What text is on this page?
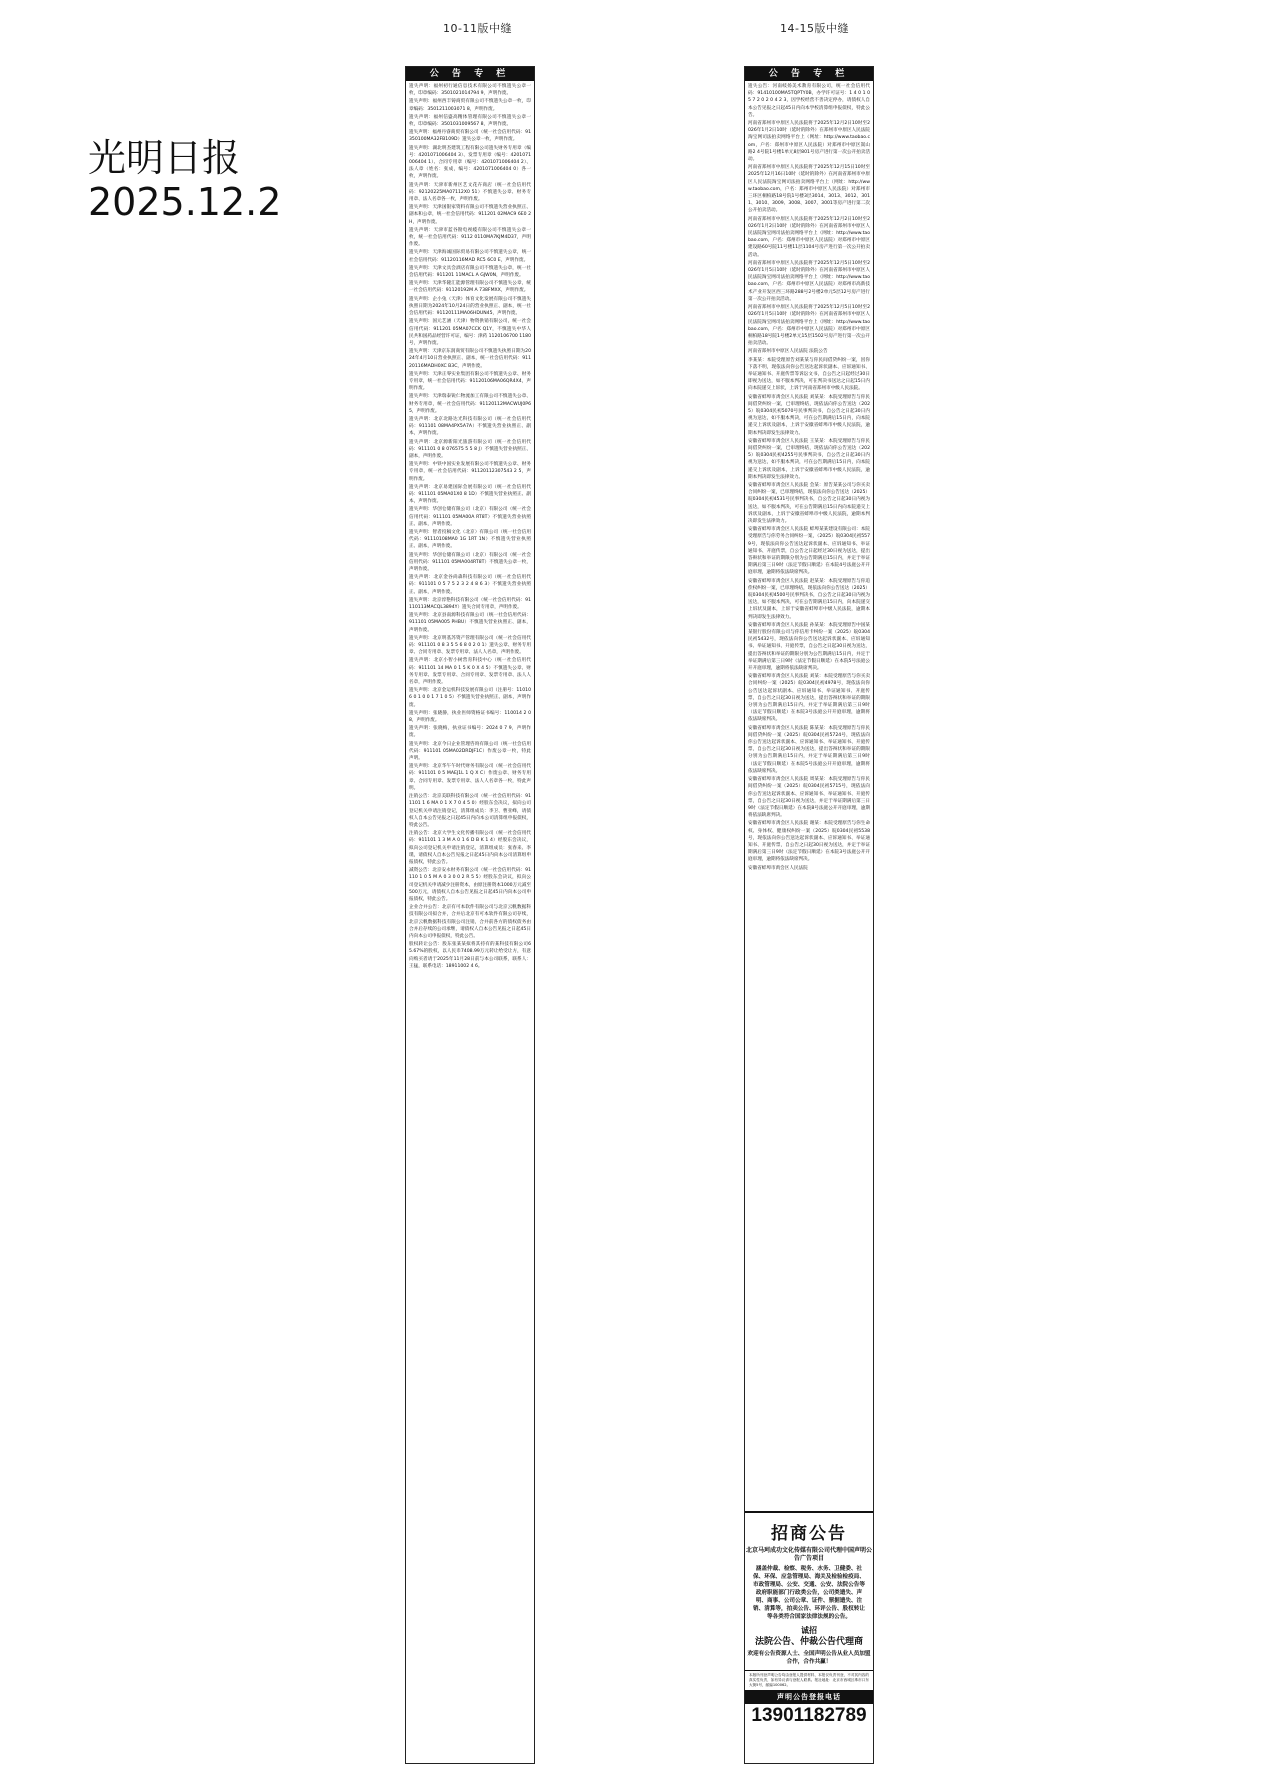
10-11版中缝	14-15版中缝
光明日报
2025.12.2
公 告 专 栏
遗失声明：福州初行通信息技术有限公司不慎遗失公章一枚，印章编码：3501021014794 9，声明作废。
遗失声明：福州西丰铸商贸有限公司不慎遗失公章一枚，印章编码：3501211003071 8，声明作废。
遗失声明：福州信盛高精体管理有限公司不慎遗失公章一枚，印章编码：3501031009567 8，声明作废。
遗失声明：福州丹睿商贸有限公司（统一社会信用代码：91350100MA32FB109D）遗失公章一枚，声明作废。
遗失声明：湖北明杰建筑工程有限公司遗失财务专用章（编号：4201071006404 3）、发票专用章（编号：4201071006404 1）、合同专用章（编号：4201071006404 2）、法人章（姓名：张成，编号：4201071006404 0）各一枚，声明作废。
遗失声明：天津市新州区艺文花卉商店（统一社会信用代码：92120225MA07112X0 51）不慎遗失公章、财务专用章、法人名章各一枚，声明作废。
遗失声明：天津国银家资料有限公司不慎遗失营业执照正、副本和公章，统一社会信用代码：911201 02MAC9 6E0 2 H，声明作废。
遗失声明：天津市蓝谷勘电视缆有限公司不慎遗失公章一枚，统一社会信用代码：9112 0110MA7KJM4D37，声明作废。
遗失声明：天津海诚国际贸易有限公司不慎遗失公章，统一社会信用代码：91120116MAD RC5 6C0 E，声明作废。
遗失声明：天津文具会酒店有限公司不慎遗失公章，统一社会信用代码：911201 11MACL A GJW0N，声明作废。
遗失声明：天津华隆汇能源管理有限公司不慎遗失公章，统一社会信用代码：91120192M A 738FMXX，声明作废。
遗失声明：企小兔（天津）体育文化发展有限公司不慎遗失执照日期为2024年10月24日的营业执照正、副本，统一社会信用代码：91120111MA06HDUN45，声明作废。
遗失声明：国元艺涵（天津）物资供销有限公司，统一社会信用代码：911201 05MA07CCK Q1Y，不慎遗失中华人民共和国药品经营许可证，编号：津药 1120106700 1180 号，声明作废。
遗失声明：天津京东润商贸有限公司不慎遗失执照日期为2024年4月10日营业执照正、副本，统一社会信用代码：91120116MADH0XC B3C，声明作废。
遗失声明：天津正零实业集团有限公司不慎遗失公章、财务专用章，统一社会信用代码：91120106MA06QR4X4，声明作废。
遗失声明：天津瑞泰锐仁物流加工有限公司不慎遗失公章、财务专用章，统一社会信用代码：91120112MACWUJ0P65，声明作废。
遗失声明：北京北路达光科技有限公司（统一社会信用代码：911101 08MA4PX5A7A）不慎遗失营业执照正、副本，声明作废。
遗失声明：北京源新阳光旅游有限公司（统一社会信用代码：911101 0 8 076575 5 5 8 J）不慎遗失营业执照正、副本，声明作废。
遗失声明：中铁中国实业发展有限公司不慎遗失公章、财务专用章，统一社会信用代码：91120112307543 2 5，声明作废。
遗失声明：北京易建国际会展有限公司（统一社会信用代码：911101 05MA01X0 8 1D）不慎遗失营业执照正、副本，声明作废。
遗失声明：华创仓储有限公司（北京）有限公司（统一社会信用代码：911101 05MA00A RT8T）不慎遗失营业执照正、副本，声明作废。
遗失声明：智者投稿文化（北京）有限公司（统一社会信用代码：91110108MA0 1G 1RT 1N）不慎遗失营业执照正、副本，声明作废。
遗失声明：华创仓储有限公司（北京）有限公司（统一社会信用代码：911101 05MA004RT8T）不慎遗失公章一枚，声明作废。
遗失声明：北京金谷尚森科技有限公司（统一社会信用代码：911101 0 5 7 5 2 3 2 4 8 6 3）不慎遗失营业执照正、副本，声明作废。
遗失声明：北京淳艳科技有限公司（统一社会信用代码：91110113MACQL3894Y）遗失合同专用章，声明作废。
遗失声明：北京县南源科技有限公司（统一社会信用代码：911101 05MA005 PHBU）不慎遗失营业执照正、副本，声明作废。
遗失声明：北京明基苏资产管理有限公司（统一社会信用代码：911101 0 8 3 5 5 6 8 0 2 0 1）遗失公章、财务专用章、合同专用章、发票专用章、法人人名章，声明作废。
遗失声明：北京小智小树营育科技中心（统一社会信用代码：911101 14 MA 0 1 5 K 0 X 4 5）不慎遗失公章、财务专用章、发票专用章、合同专用章、发票专用章、法人人名章，声明作废。
遗失声明：北京金运机科技发展有限公司（注册号：110106 0 1 0 0 1 7 1 0 5）不慎遗失营业执照正、副本，声明作废。
遗失声明：张晓静，执业医师资格证书编号：110014 2 0 8，声明作废。
遗失声明：张晓梅，执业证书编号：2024 0 7 9，声明作废。
遗失声明：北京今日企业管理咨询有限公司（统一社会信用代码：911101 05MA02DRDJF1C）作废公章一枚，特此声明。
遗失声明：北京华午午时代财务有限公司（统一社会信用代码：911101 0 5 MAEJ1L 1 Q X C）作废公章、财务专用章、合同专用章、发票专用章、法人人名章各一枚，特此声明。
注销公告：北京美联科技有限公司（统一社会信用代码：911101 1 6 MA 0 1 X 7 0 4 5 0）经股东会决议，拟向公司登记机关申请注销登记，清算组成员：李卫、曹亚峰，请债权人自本公告见报之日起45日内向本公司清算组申报债权，特此公告。
注销公告：北京大学生文化传播有限公司（统一社会信用代码：911101 1 3 M A 0 1 6 D B K 1 4）经股东会决议，拟向公司登记机关申请注销登记，清算组成员：张春来、李璞，请债权人自本公告见报之日起45日内向本公司清算组申报债权，特此公告。
减资公告：北京安永财务有限公司（统一社会信用代码：91110 1 0 5 M A 0 3 0 0 2 R 5 5）经股东会决议，拟向公司登记机关申请减少注册资本，由原注册资本1000万元减至500万元，请债权人自本公告见报之日起45日内向本公司申报债权，特此公告。
企业合并公告：北京有可本软件有限公司与北京云帆数据科技有限公司拟合并，合并后北京有可本软件有限公司存续，北京云帆数据科技有限公司注销，合并前各方的债权债务由合并后存续的公司承继，请债权人自本公告见报之日起45日内向本公司申报债权，特此公告。
股权转让公告：股东张某某拟将其持有的某科技有限公司65.67%的股权，以人民币7408.99万元转让给受让方，有意向购买者请于2025年11月28日前与本公司联系，联系人：王猛，联系电话：18911002 4 6。
公 告 专 栏
遗失公告：河南岐扬美术教育有限公司，统一社会信用代码：91410100MA5TQPTY0B，办学许可证号：1 4 0 1 0 5 7 2 0 2 0 4 2 3，因学校经营不善决定停办，请债权人自本公告见报之日起45日内向本学校清算组申报债权，特此公告。
河南省郑州市中原区人民法院将于2025年12月2日10时至2026年1月2日10时（延时的除外）在郑州市中原区人民法院淘宝网司法拍卖网络平台上（网址：http://www.taobao.com，户名：郑州市中原区人民法院）对郑州市中原区嵩山路2 4号院1号楼1单元8层801号房产进行第一次公开拍卖活动。
河南省郑州市中原区人民法院将于2025年12月15日10时至2025年12月16日10时（延时的除外）在河南省郑州市中原区人民法院淘宝网司法拍卖网络平台上（网址：http://www.taobao.com，户名：郑州市中原区人民法院）对郑州市三环区桐柏路18号院1号楼3层3014、3013、3012、3011、3010、3009、3008、3007、3001等房产进行第二次公开拍卖活动。
河南省郑州市中原区人民法院将于2025年12月2日10时至2026年1月2日10时（延时的除外）在河南省郑州市中原区人民法院淘宝网司法拍卖网络平台上（网址：http://www.taobao.com，户名：郑州市中原区人民法院）对郑州市中原区建设路60号院11号楼11层1104号房产进行第一次公开拍卖活动。
河南省郑州市中原区人民法院将于2025年12月5日10时至2026年1月5日10时（延时的除外）在河南省郑州市中原区人民法院淘宝网司法拍卖网络平台上（网址：http://www.taobao.com，户名：郑州市中原区人民法院）对郑州市高新技术产业开发区西三环路288号2号楼2单元5层12号房产进行第一次公开拍卖活动。
河南省郑州市中原区人民法院将于2025年12月5日10时至2026年1月5日10时（延时的除外）在河南省郑州市中原区人民法院淘宝网司法拍卖网络平台上（网址：http://www.taobao.com，户名：郑州市中原区人民法院）对郑州市中原区桐柏路18号院1号楼2单元15层1502号房产进行第一次公开拍卖活动。
河南省郑州市中原区人民法院 法院公告
李某某：本院受理原告刘某某与你民间借贷纠纷一案，因你下落不明，现依法向你公告送达起诉状副本、应诉通知书、举证通知书、开庭传票等诉讼文书，自公告之日起经过30日即视为送达，如不服本判决，可在判决书送达之日起15日内向本院递交上诉状，上诉于河南省郑州市中级人民法院。
安徽省蚌埠市禹会区人民法院 刘某某：本院受理原告与你民间借贷纠纷一案，已审理终结，现依法向你公告送达（2025）皖0304民初5070号民事判决书，自公告之日起30日内视为送达，如不服本判决，可在公告期满后15日内，向本院递交上诉状及副本，上诉于安徽省蚌埠市中级人民法院，逾期本判决即发生法律效力。
安徽省蚌埠市禹会区人民法院 王某某：本院受理原告与你民间借贷纠纷一案，已审理终结，现依法向你公告送达（2025）皖0304民初4255号民事判决书，自公告之日起30日内视为送达，如不服本判决，可在公告期满后15日内，向本院递交上诉状及副本，上诉于安徽省蚌埠市中级人民法院，逾期本判决即发生法律效力。
安徽省蚌埠市禹会区人民法院 会某：原告某某公司与你买卖合同纠纷一案，已审理终结，现依法向你公告送达（2025）皖0304民初4531号民事判决书，自公告之日起30日内视为送达，如不服本判决，可在公告期满后15日内向本院递交上诉状及副本，上诉于安徽省蚌埠市中级人民法院，逾期本判决即发生法律效力。
安徽省蚌埠市禹会区人民法院 蚌埠某某建设有限公司：本院受理原告与你劳务合同纠纷一案，（2025）皖0304民初5579号，现依法向你公告送达起诉状副本、应诉通知书、举证通知书、开庭传票，自公告之日起经过30日视为送达，提出答辩状和举证的期限分别为公告期满后15日内，并定于举证期满后第三日9时（法定节假日顺延）在本院4号法庭公开开庭审理，逾期将依法缺席判决。
安徽省蚌埠市禹会区人民法院 赵某某：本院受理原告与你追偿权纠纷一案，已审理终结，现依法向你公告送达（2025）皖0304民初4500号民事判决书，自公告之日起30日内视为送达，如不服本判决，可在公告期满后15日内，向本院递交上诉状及副本，上诉于安徽省蚌埠市中级人民法院，逾期本判决即发生法律效力。
安徽省蚌埠市禹会区人民法院 孙某某：本院受理原告中国某某银行股份有限公司与你信用卡纠纷一案（2025）皖0304民初5432号，现依法向你公告送达起诉状副本、应诉通知书、举证通知书、开庭传票，自公告之日起30日视为送达，提出答辩状和举证的期限分别为公告期满后15日内，并定于举证期满后第三日9时（法定节假日顺延）在本院5号法庭公开开庭审理，逾期将依法缺席判决。
安徽省蚌埠市禹会区人民法院 刘某：本院受理原告与你买卖合同纠纷一案（2025）皖0304民初4978号，现依法向你公告送达起诉状副本、应诉通知书、举证通知书、开庭传票，自公告之日起30日视为送达，提出答辩状和举证的期限分别为公告期满后15日内，并定于举证期满后第三日9时（法定节假日顺延）在本院3号法庭公开开庭审理，逾期将依法缺席判决。
安徽省蚌埠市禹会区人民法院 陈某某：本院受理原告与你民间借贷纠纷一案（2025）皖0304民初5724号，现依法向你公告送达起诉状副本、应诉通知书、举证通知书、开庭传票，自公告之日起30日视为送达，提出答辩状和举证的期限分别为公告期满后15日内，并定于举证期满后第三日9时（法定节假日顺延）在本院5号法庭公开开庭审理，逾期将依法缺席判决。
安徽省蚌埠市禹会区人民法院 周某某：本院受理原告与你民间借贷纠纷一案（2025）皖0304民初5715号，现依法向你公告送达起诉状副本、应诉通知书、举证通知书、开庭传票，自公告之日起30日视为送达，并定于举证期满后第三日9时（法定节假日顺延）在本院8号法庭公开开庭审理，逾期将依法缺席判决。
安徽省蚌埠市禹会区人民法院 谢某：本院受理原告与你生命权、身体权、健康权纠纷一案（2025）皖0304民初5538号，现依法向你公告送达起诉状副本、应诉通知书、举证通知书、开庭传票，自公告之日起30日视为送达，并定于举证期满后第三日9时（法定节假日顺延）在本院3号法庭公开开庭审理，逾期将依法缺席判决。
安徽省蚌埠市禹会区人民法院
招商公告
北京马珂成功文化传媒有限公司代理中国声明公告广告项目
涵盖仲裁、检察、税务、水务、卫健委、社保、环保、应急管理局、海关及检验检疫局、市政管理局、公安、交通、公安、法院公告等政府职能部门行政类公告，公司类遗失、声明、商事、公司公章、证件、票据遗失、注销、清算等，拍卖公告、环评公告、股权转让等各类符合国家法律法规的公告。
诚招
法院公告、仲裁公告代理商
欢迎有公告资源人士、全国声明公告从业人员加盟合作，合作共赢！
本版所刊登声明公告均由登报人提供材料，本报仅负责刊登，不对其内容的真实性负责，如有异议请与登报人联系。报社地址：北京市西城区珠市口东大街5号，邮编100062。
声明公告登报电话
13901182789
